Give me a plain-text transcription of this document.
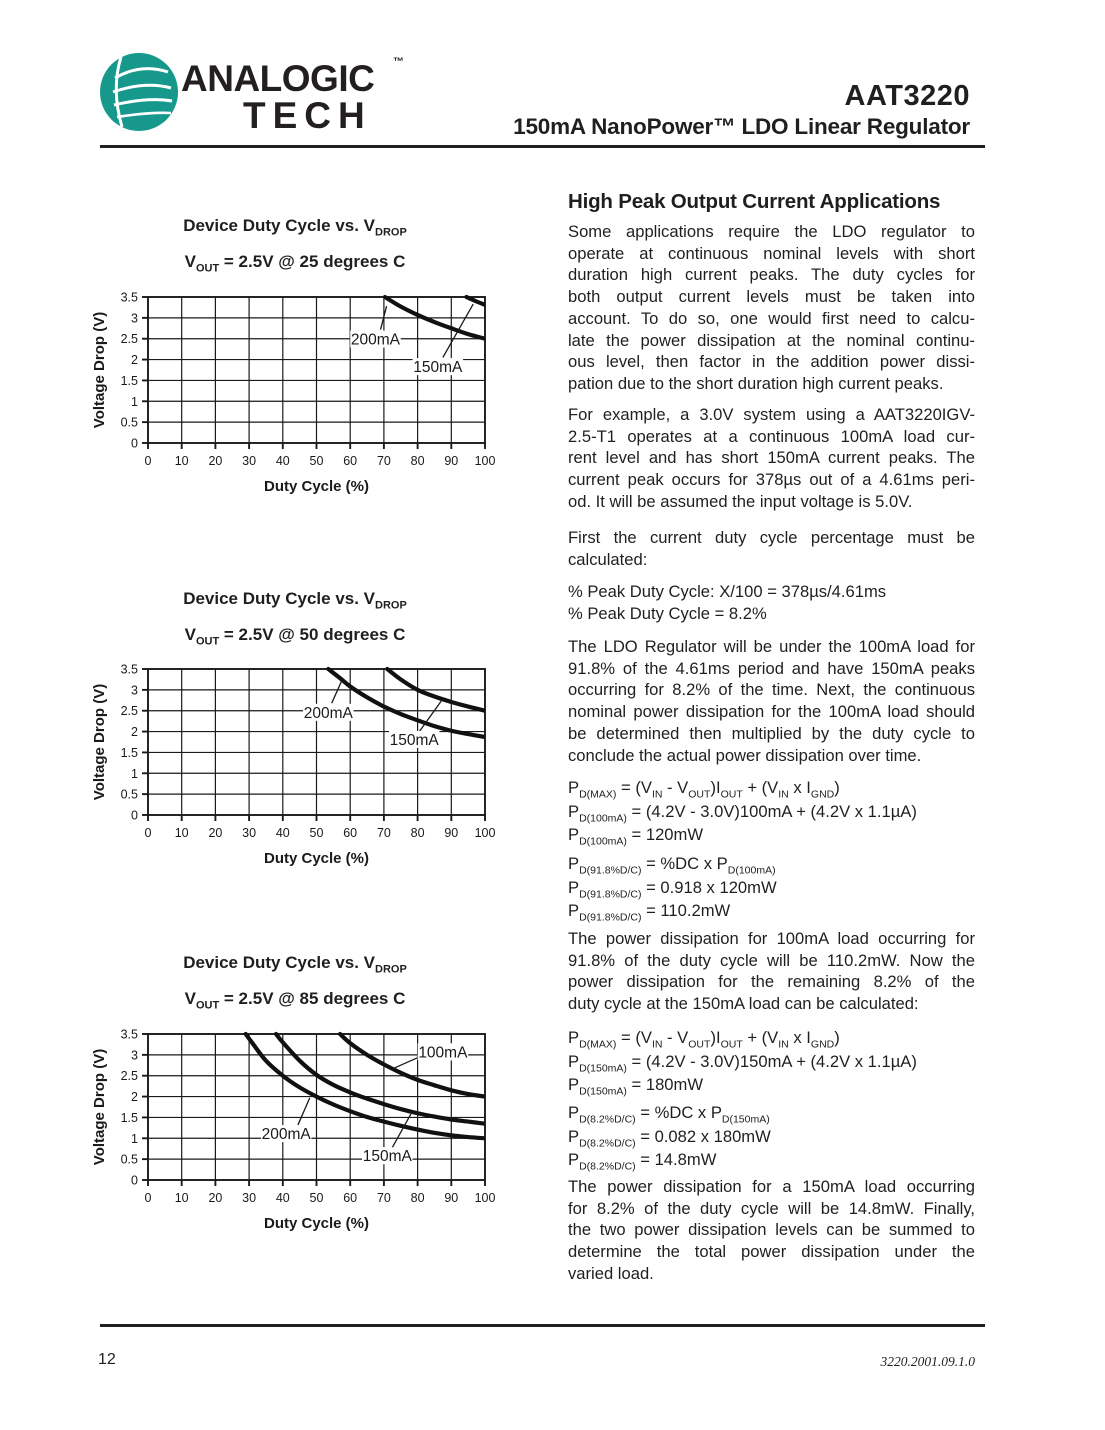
ANALOGIC ™
TECH	AAT3220
150mA NanoPower™ LDO Linear Regulator
Device Duty Cycle vs. $V_{DROP}$
$V_{OUT} = 2.5V$ @ 25 degrees C
0
0.5
1
1.5
2
2.5
3
3.5
0 10 20 30 40 50 60 70 80 90 100
Voltage Drop (V)
Duty Cycle (%)
200mA
150mA
Device Duty Cycle vs. $V_{DROP}$
$V_{OUT} = 2.5V$ @ 50 degrees C
0
0.5
1
1.5
2
2.5
3
3.5
0 10 20 30 40 50 60 70 80 90 100
Voltage Drop (V)
Duty Cycle (%)
200mA
150mA
Device Duty Cycle vs. $V_{DROP}$
$V_{OUT} = 2.5V$ @ 85 degrees C
0
0.5
1
1.5
2
2.5
3
3.5
0 10 20 30 40 50 60 70 80 90 100
Voltage Drop (V)
Duty Cycle (%)
100mA
200mA
150mA
High Peak Output Current Applications
Some applications require the LDO regulator to
operate at continuous nominal levels with short
duration high current peaks. The duty cycles for
both output current levels must be taken into
account. To do so, one would first need to calcu-
late the power dissipation at the nominal continu-
ous level, then factor in the addition power dissi-
pation due to the short duration high current peaks.
For example, a 3.0V system using a AAT3220IGV-
2.5-T1 operates at a continuous 100mA load cur-
rent level and has short 150mA current peaks. The
current peak occurs for 378µs out of a 4.61ms peri-
od. It will be assumed the input voltage is 5.0V.
First the current duty cycle percentage must be
calculated:
% Peak Duty Cycle: X/100 = 378µs/4.61ms
% Peak Duty Cycle = 8.2%
The LDO Regulator will be under the 100mA load for
91.8% of the 4.61ms period and have 150mA peaks
occurring for 8.2% of the time. Next, the continuous
nominal power dissipation for the 100mA load should
be determined then multiplied by the duty cycle to
conclude the actual power dissipation over time.
$P_{D(MAX)} = (V_{IN} - V_{OUT})I_{OUT} + (V_{IN}$ x $I_{GND}$)
$P_{D(100mA)} = (4.2V - 3.0V)100mA + (4.2V$ x 1.1µA)
$P_{D(100mA)} = 120mW$
$P_{D(91.8\%D/C)} = \%DC$ x $P_{D(100mA)}$
$P_{D(91.8\%D/C)} = 0.918$ x 120mW
$P_{D(91.8\%D/C)} = 110.2mW$
The power dissipation for 100mA load occurring for
91.8% of the duty cycle will be 110.2mW. Now the
power dissipation for the remaining 8.2% of the
duty cycle at the 150mA load can be calculated:
$P_{D(MAX)} = (V_{IN} - V_{OUT})I_{OUT} + (V_{IN}$ x $I_{GND}$)
$P_{D(150mA)} = (4.2V - 3.0V)150mA + (4.2V$ x 1.1µA)
$P_{D(150mA)} = 180mW$
$P_{D(8.2\%D/C)} = \%DC$ x $P_{D(150mA)}$
$P_{D(8.2\%D/C)} = 0.082$ x 180mW
$P_{D(8.2\%D/C)} = 14.8mW$
The power dissipation for a 150mA load occurring
for 8.2% of the duty cycle will be 14.8mW. Finally,
the two power dissipation levels can be summed to
determine the total power dissipation under the
varied load.
12	3220.2001.09.1.0
